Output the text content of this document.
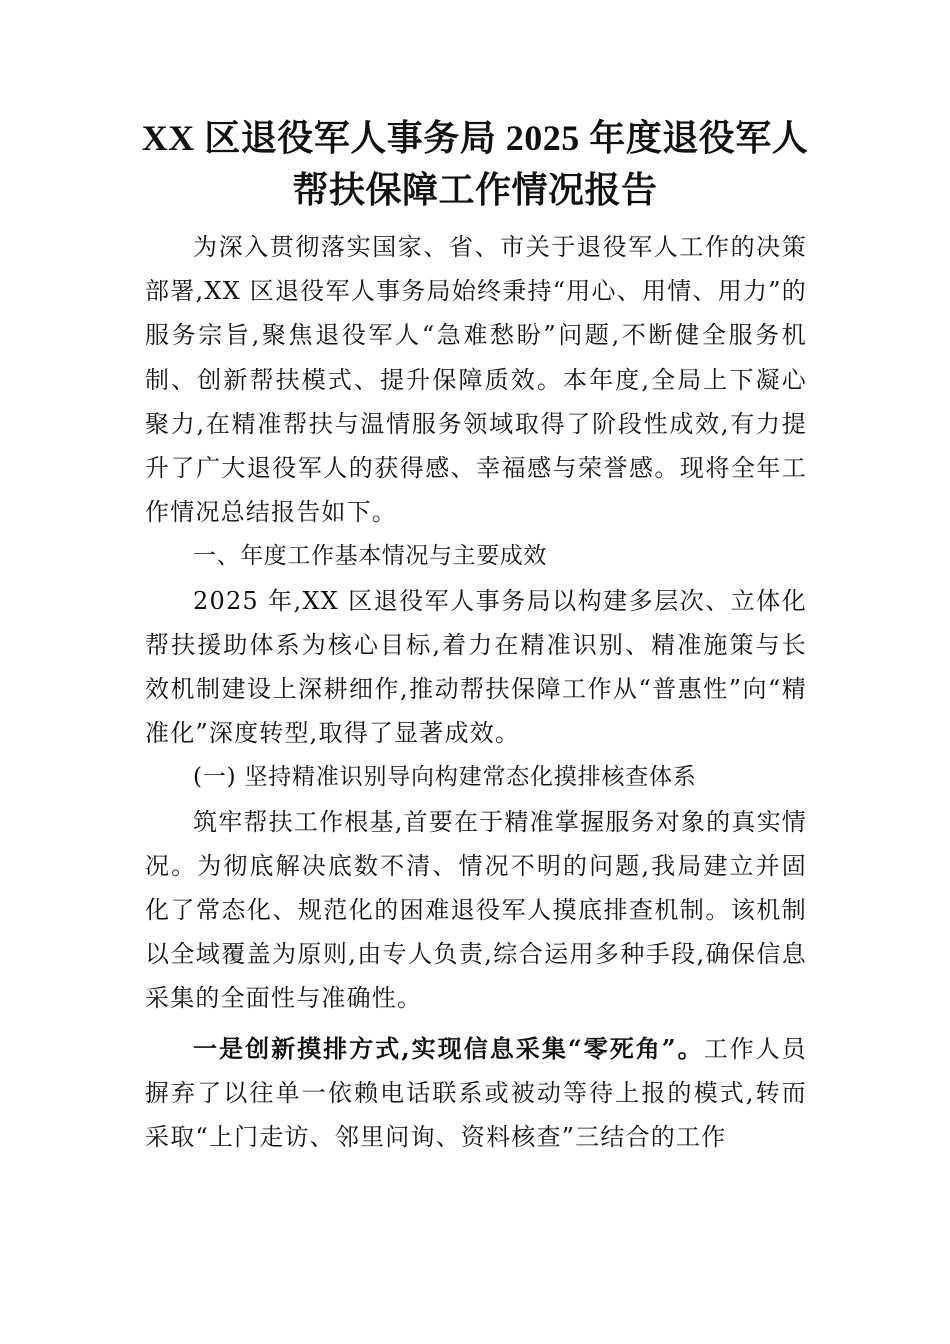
XX 区退役军人事务局 2025 年度退役军人
帮扶保障工作情况报告

为深入贯彻落实国家、省、市关于退役军人工作的决策部署,XX 区退役军人事务局始终秉持“用心、用情、用力”的服务宗旨,聚焦退役军人“急难愁盼”问题,不断健全服务机制、创新帮扶模式、提升保障质效。本年度,全局上下凝心聚力,在精准帮扶与温情服务领域取得了阶段性成效,有力提升了广大退役军人的获得感、幸福感与荣誉感。现将全年工作情况总结报告如下。

一、年度工作基本情况与主要成效

2025 年,XX 区退役军人事务局以构建多层次、立体化帮扶援助体系为核心目标,着力在精准识别、精准施策与长效机制建设上深耕细作,推动帮扶保障工作从“普惠性”向“精准化”深度转型,取得了显著成效。

(一) 坚持精准识别导向构建常态化摸排核查体系

筑牢帮扶工作根基,首要在于精准掌握服务对象的真实情况。为彻底解决底数不清、情况不明的问题,我局建立并固化了常态化、规范化的困难退役军人摸底排查机制。该机制以全域覆盖为原则,由专人负责,综合运用多种手段,确保信息采集的全面性与准确性。

一是创新摸排方式,实现信息采集“零死角”。工作人员摒弃了以往单一依赖电话联系或被动等待上报的模式,转而采取“上门走访、邻里问询、资料核查”三结合的工作
